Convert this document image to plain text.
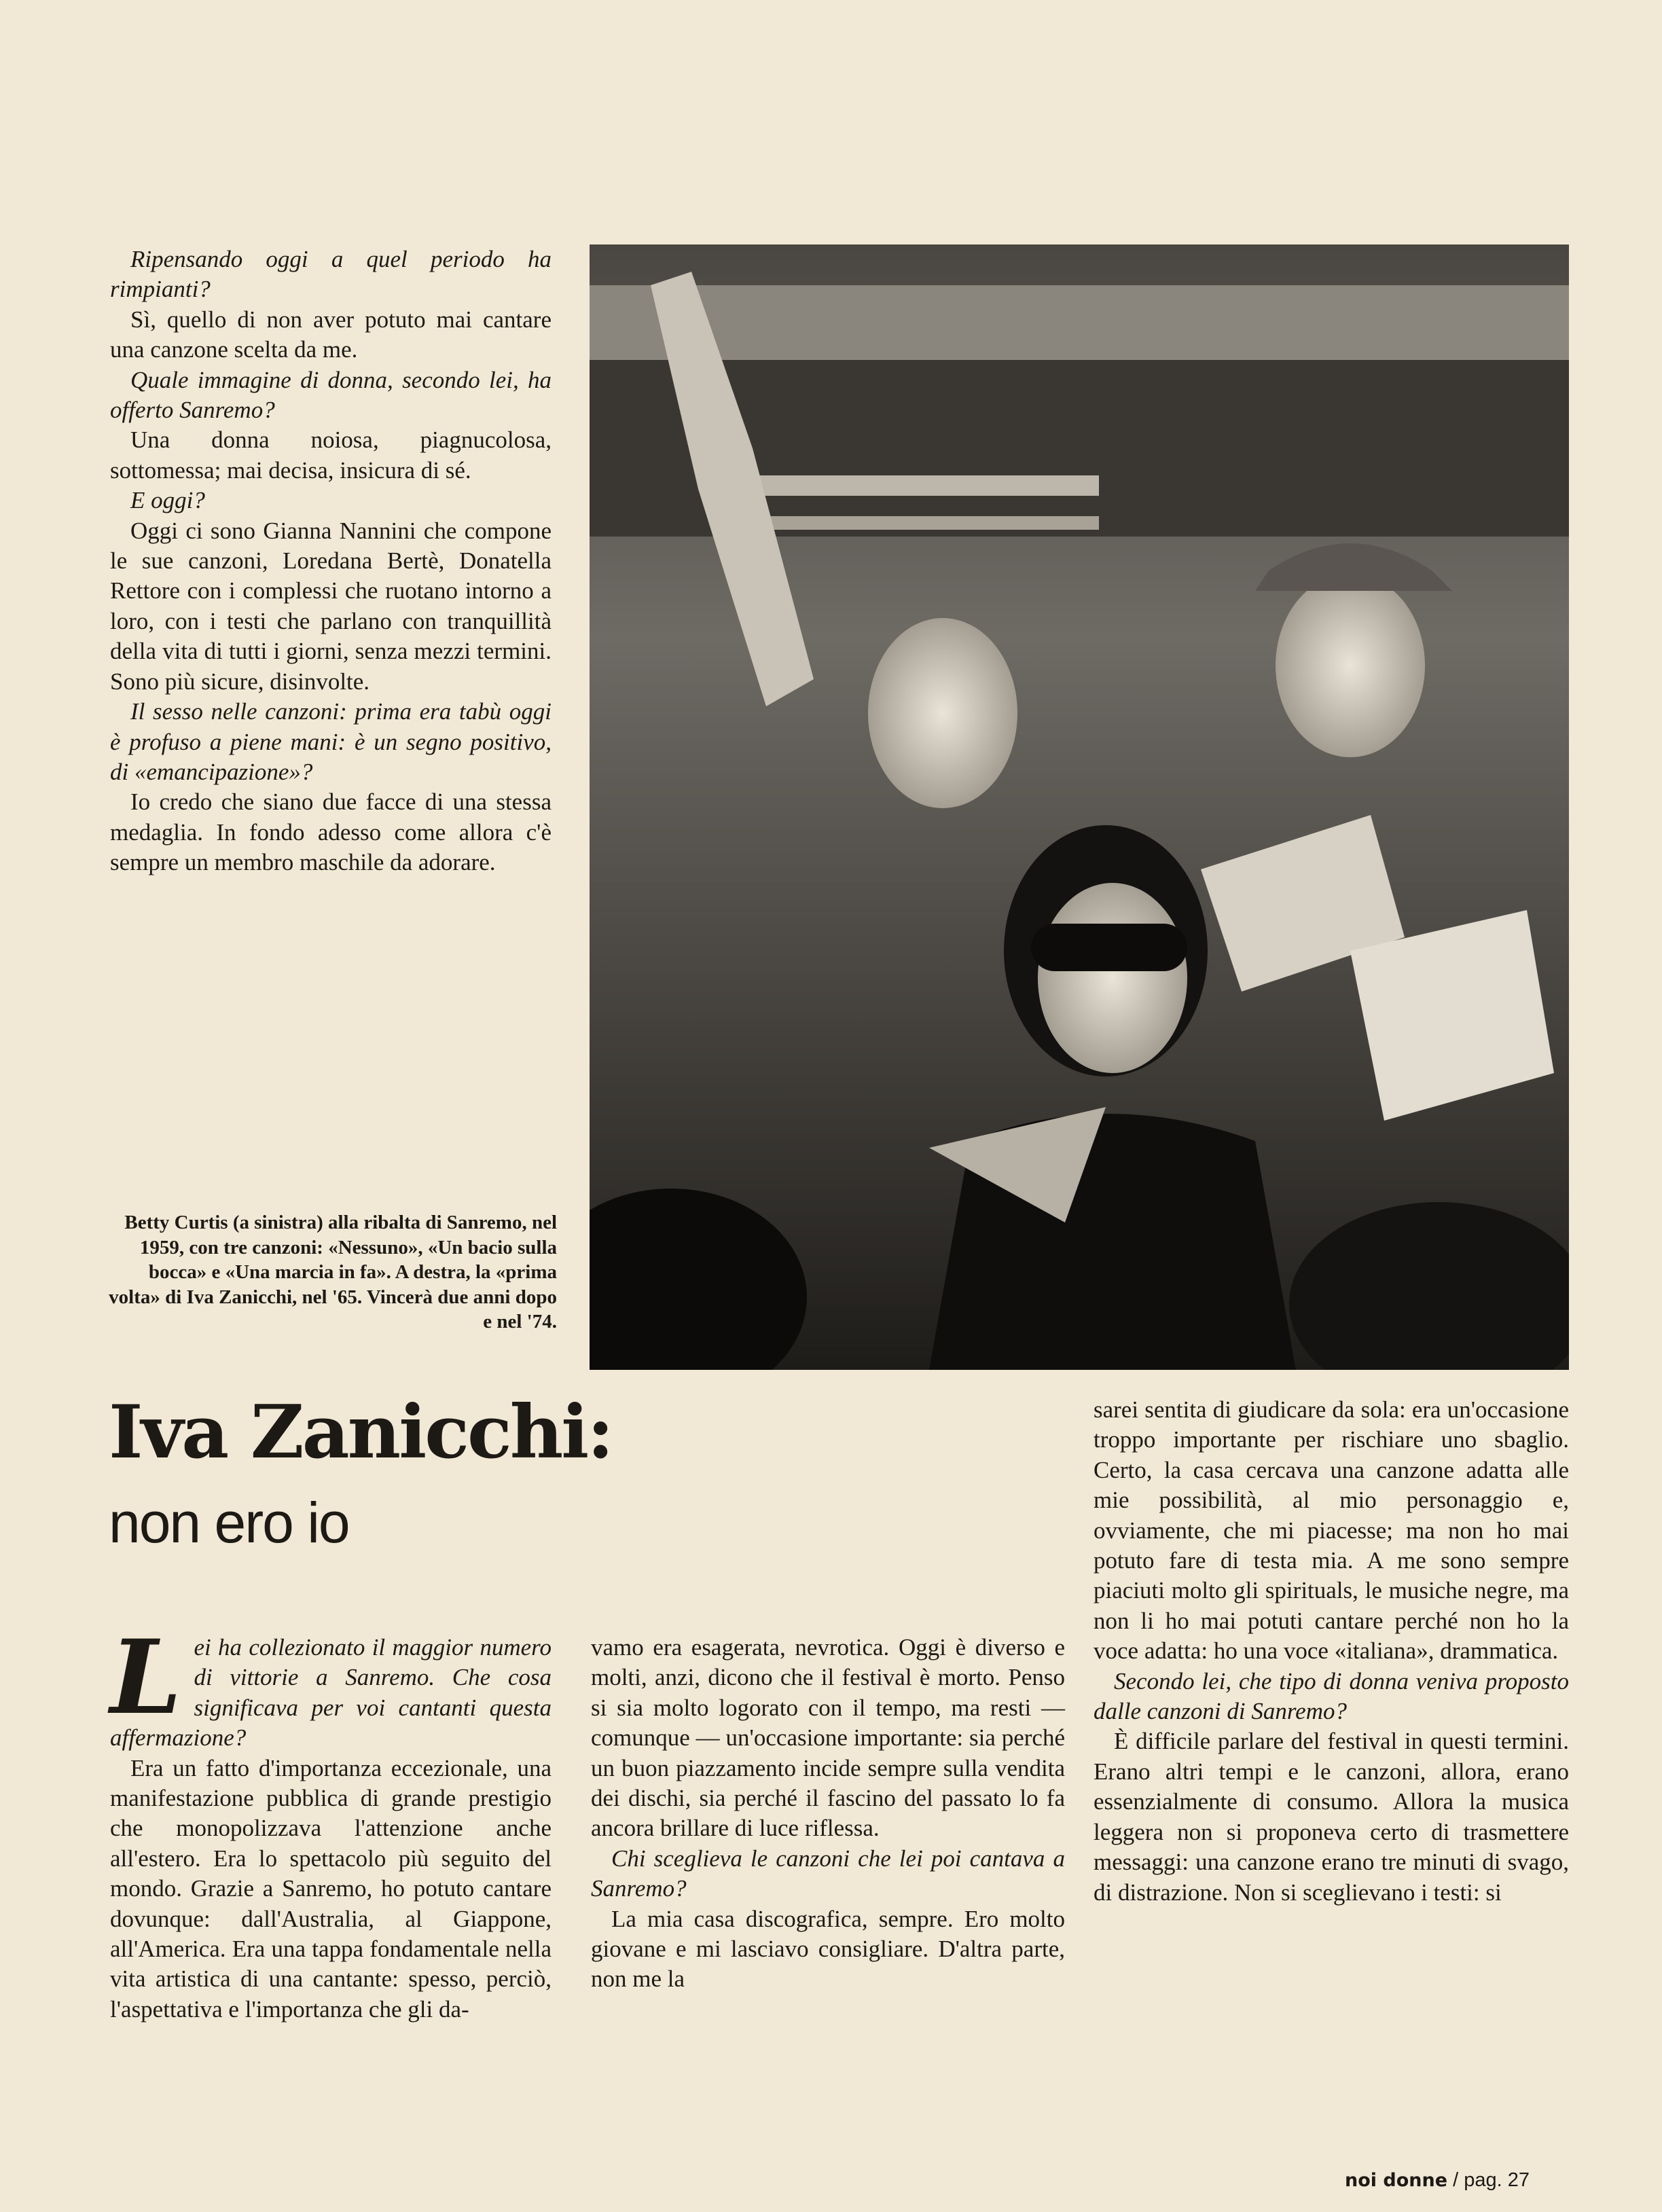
Ripensando oggi a quel periodo ha rimpianti?

Sì, quello di non aver potuto mai cantare una canzone scelta da me.

Quale immagine di donna, secondo lei, ha offerto Sanremo?

Una donna noiosa, piagnucolosa, sottomessa; mai decisa, insicura di sé.

E oggi?

Oggi ci sono Gianna Nannini che compone le sue canzoni, Loredana Bertè, Donatella Rettore con i complessi che ruotano intorno a loro, con i testi che parlano con tranquillità della vita di tutti i giorni, senza mezzi termini. Sono più sicure, disinvolte.

Il sesso nelle canzoni: prima era tabù oggi è profuso a piene mani: è un segno positivo, di «emancipazione»?

Io credo che siano due facce di una stessa medaglia. In fondo adesso come allora c'è sempre un membro maschile da adorare.

Betty Curtis (a sinistra) alla ribalta di Sanremo, nel 1959, con tre canzoni: «Nessuno», «Un bacio sulla bocca» e «Una marcia in fa». A destra, la «prima volta» di Iva Zanicchi, nel '65. Vincerà due anni dopo e nel '74.
Iva Zanicchi:
non ero io

Lei ha collezionato il maggior numero di vittorie a Sanremo. Che cosa significava per voi cantanti questa affermazione?

Era un fatto d'importanza eccezionale, una manifestazione pubblica di grande prestigio che monopolizzava l'attenzione anche all'estero. Era lo spettacolo più seguito del mondo. Grazie a Sanremo, ho potuto cantare dovunque: dall'Australia, al Giappone, all'America. Era una tappa fondamentale nella vita artistica di una cantante: spesso, perciò, l'aspettativa e l'importanza che gli da-

vamo era esagerata, nevrotica. Oggi è diverso e molti, anzi, dicono che il festival è morto. Penso si sia molto logorato con il tempo, ma resti — comunque — un'occasione importante: sia perché un buon piazzamento incide sempre sulla vendita dei dischi, sia perché il fascino del passato lo fa ancora brillare di luce riflessa.

Chi sceglieva le canzoni che lei poi cantava a Sanremo?

La mia casa discografica, sempre. Ero molto giovane e mi lasciavo consigliare. D'altra parte, non me la

sarei sentita di giudicare da sola: era un'occasione troppo importante per rischiare uno sbaglio. Certo, la casa cercava una canzone adatta alle mie possibilità, al mio personaggio e, ovviamente, che mi piacesse; ma non ho mai potuto fare di testa mia. A me sono sempre piaciuti molto gli spirituals, le musiche negre, ma non li ho mai potuti cantare perché non ho la voce adatta: ho una voce «italiana», drammatica.

Secondo lei, che tipo di donna veniva proposto dalle canzoni di Sanremo?

È difficile parlare del festival in questi termini. Erano altri tempi e le canzoni, allora, erano essenzialmente di consumo. Allora la musica leggera non si proponeva certo di trasmettere messaggi: una canzone erano tre minuti di svago, di distrazione. Non si sceglievano i testi: si

noi donne / pag. 27
